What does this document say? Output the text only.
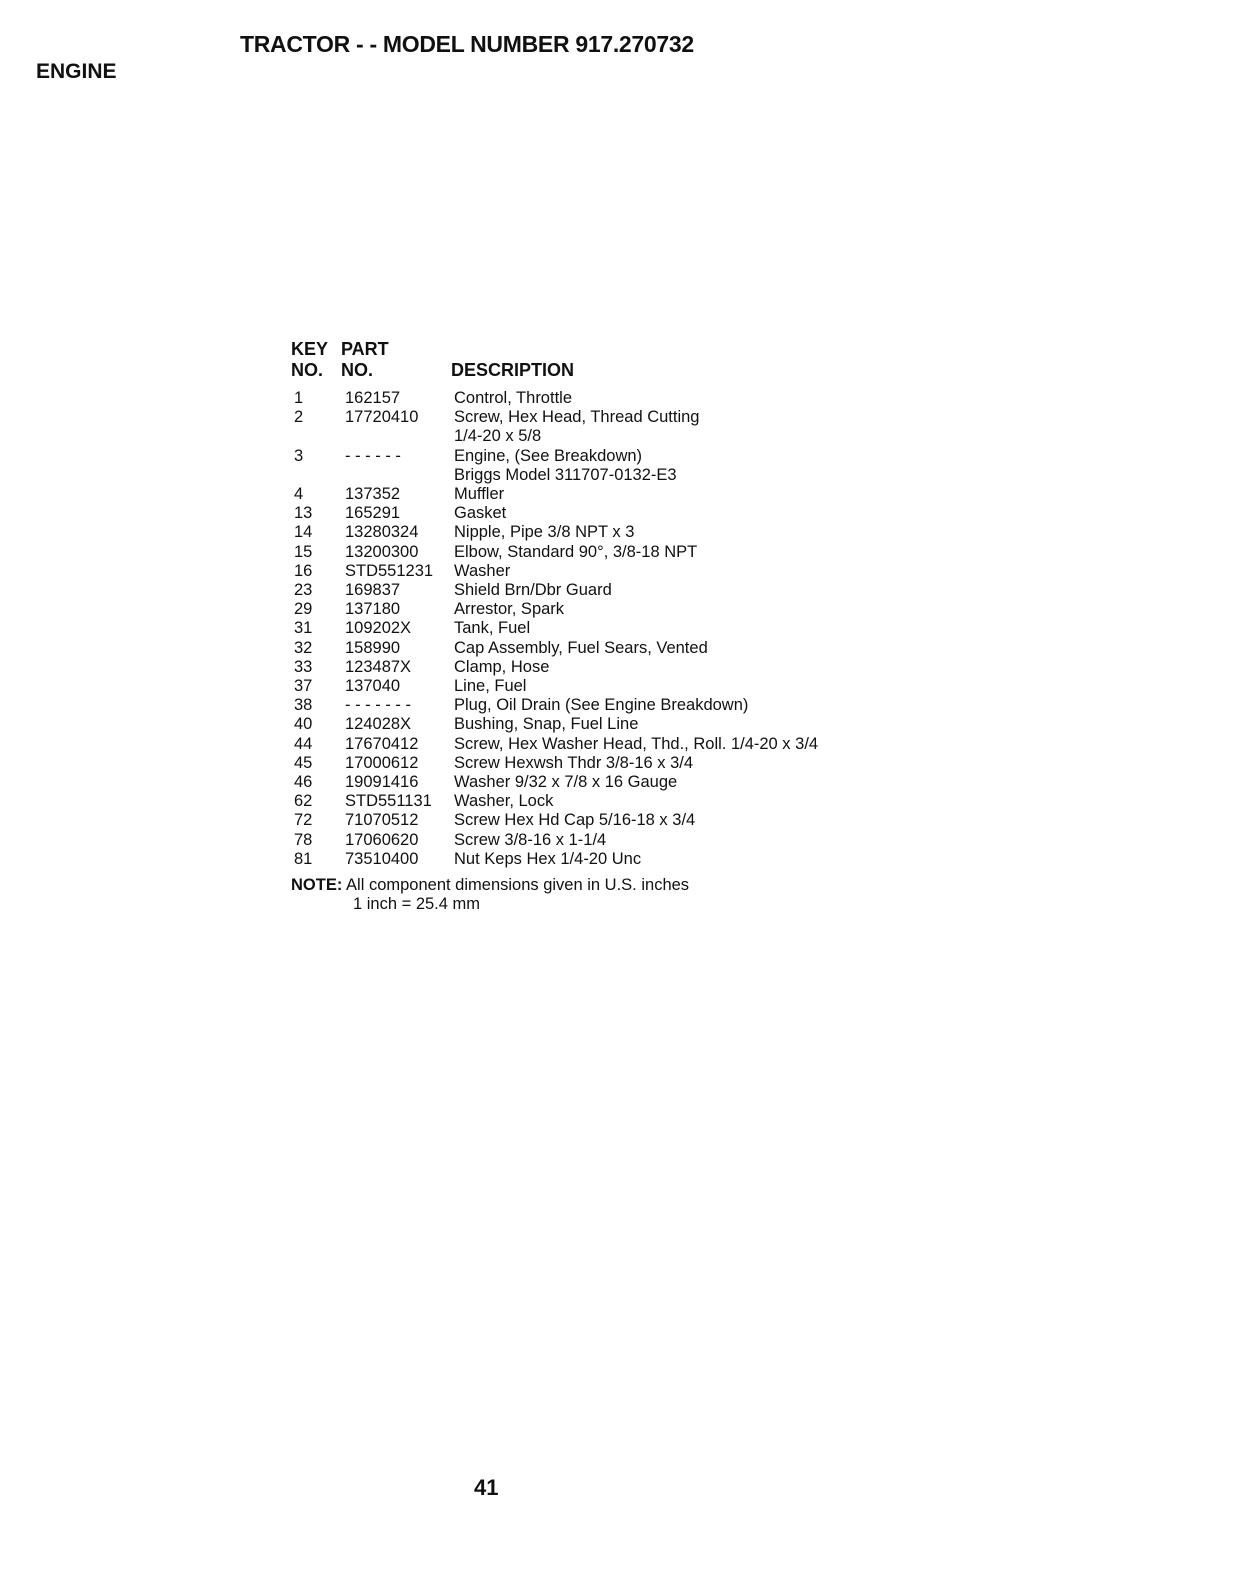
TRACTOR - - MODEL NUMBER 917.270732
ENGINE
KEY
NO.
PART
NO.	DESCRIPTION
1	162157	Control, Throttle
2	17720410	Screw, Hex Head, Thread Cutting
1/4-20 x 5/8
3	- - - - - -	Engine, (See Breakdown)
Briggs Model 311707-0132-E3
4	137352	Muffler
13	165291	Gasket
14	13280324	Nipple, Pipe 3/8 NPT x 3
15	13200300	Elbow, Standard 90°, 3/8-18 NPT
16	STD551231	Washer
23	169837	Shield Brn/Dbr Guard
29	137180	Arrestor, Spark
31	109202X	Tank, Fuel
32	158990	Cap Assembly, Fuel Sears, Vented
33	123487X	Clamp, Hose
37	137040	Line, Fuel
38	- - - - - - -	Plug, Oil Drain (See Engine Breakdown)
40	124028X	Bushing, Snap, Fuel Line
44	17670412	Screw, Hex Washer Head, Thd., Roll. 1/4-20 x 3/4
45	17000612	Screw Hexwsh Thdr 3/8-16 x 3/4
46	19091416	Washer 9/32 x 7/8 x 16 Gauge
62	STD551131	Washer, Lock
72	71070512	Screw Hex Hd Cap 5/16-18 x 3/4
78	17060620	Screw 3/8-16 x 1-1/4
81	73510400	Nut Keps Hex 1/4-20 Unc
NOTE: All component dimensions given in U.S. inches
1 inch = 25.4 mm
41
